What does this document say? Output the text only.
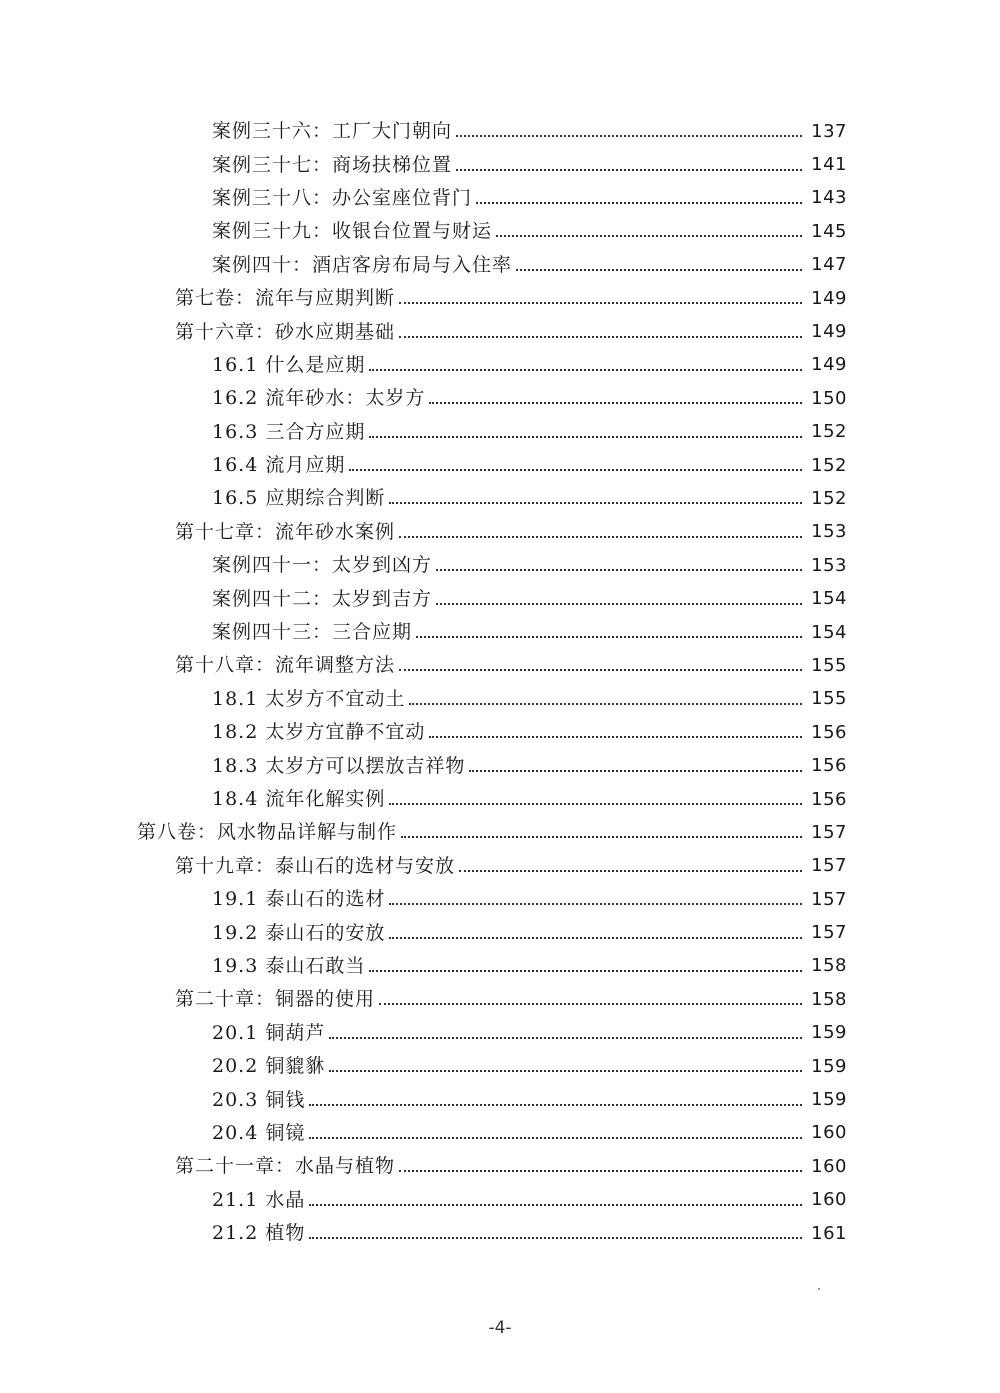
案例三十六：工厂大门朝向	137
案例三十七：商场扶梯位置	141
案例三十八：办公室座位背门	143
案例三十九：收银台位置与财运	145
案例四十：酒店客房布局与入住率	147
第七卷：流年与应期判断	149
第十六章：砂水应期基础	149
16.1 什么是应期	149
16.2 流年砂水：太岁方	150
16.3 三合方应期	152
16.4 流月应期	152
16.5 应期综合判断	152
第十七章：流年砂水案例	153
案例四十一：太岁到凶方	153
案例四十二：太岁到吉方	154
案例四十三：三合应期	154
第十八章：流年调整方法	155
18.1 太岁方不宜动土	155
18.2 太岁方宜静不宜动	156
18.3 太岁方可以摆放吉祥物	156
18.4 流年化解实例	156
第八卷：风水物品详解与制作	157
第十九章：泰山石的选材与安放	157
19.1 泰山石的选材	157
19.2 泰山石的安放	157
19.3 泰山石敢当	158
第二十章：铜器的使用	158
20.1 铜葫芦	159
20.2 铜貔貅	159
20.3 铜钱	159
20.4 铜镜	160
第二十一章：水晶与植物	160
21.1 水晶	160
21.2 植物	161
-4-
